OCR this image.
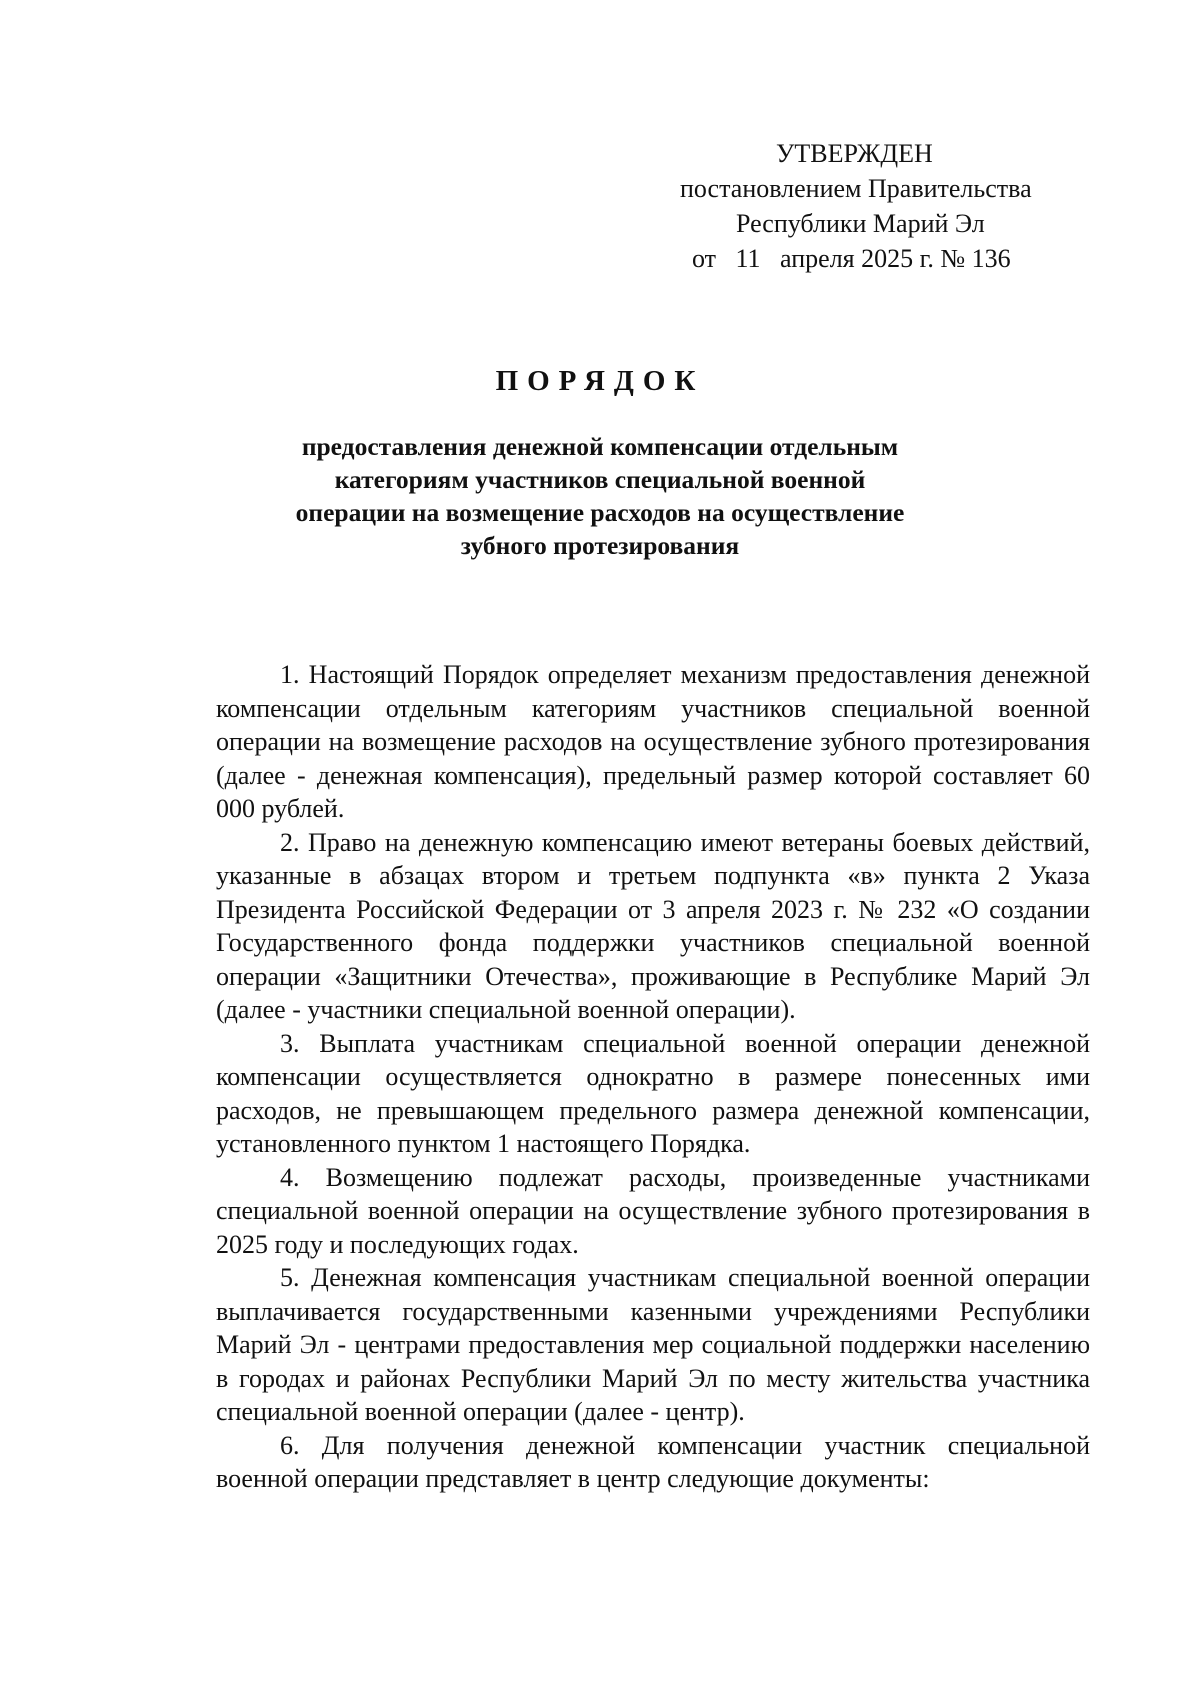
УТВЕРЖДЕН
постановлением Правительства
Республики Марий Эл
от   11   апреля 2025 г. № 136
ПОРЯДОК
предоставления денежной компенсации отдельным
категориям участников специальной военной
операции на возмещение расходов на осуществление
зубного протезирования

1. Настоящий Порядок определяет механизм предоставления денежной компенсации отдельным категориям участников специальной военной операции на возмещение расходов на осуществление зубного протезирования (далее - денежная компенсация), предельный размер которой составляет 60 000 рублей.

2. Право на денежную компенсацию имеют ветераны боевых действий, указанные в абзацах втором и третьем подпункта «в» пункта 2 Указа Президента Российской Федерации от 3 апреля 2023 г. № 232 «О создании Государственного фонда поддержки участников специальной военной операции «Защитники Отечества», проживающие в Республике Марий Эл (далее - участники специальной военной операции).

3. Выплата участникам специальной военной операции денежной компенсации осуществляется однократно в размере понесенных ими расходов, не превышающем предельного размера денежной компенсации, установленного пунктом 1 настоящего Порядка.

4. Возмещению подлежат расходы, произведенные участниками специальной военной операции на осуществление зубного протезирования в 2025 году и последующих годах.

5. Денежная компенсация участникам специальной военной операции выплачивается государственными казенными учреждениями Республики Марий Эл - центрами предоставления мер социальной поддержки населению в городах и районах Республики Марий Эл по месту жительства участника специальной военной операции (далее - центр).

6. Для получения денежной компенсации участник специальной военной операции представляет в центр следующие документы:
